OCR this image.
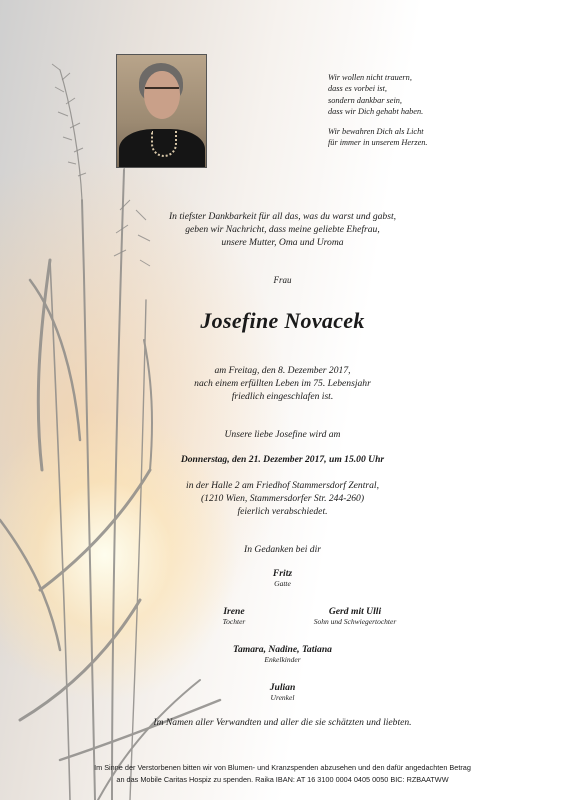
Wir wollen nicht trauern,
dass es vorbei ist,
sondern dankbar sein,
dass wir Dich gehabt haben.
Wir bewahren Dich als Licht
für immer in unserem Herzen.
In tiefster Dankbarkeit für all das, was du warst und gabst,
geben wir Nachricht, dass meine geliebte Ehefrau,
unsere Mutter, Oma und Uroma
Frau
Josefine Novacek
am Freitag, den 8. Dezember 2017,
nach einem erfüllten Leben im 75. Lebensjahr
friedlich eingeschlafen ist.
Unsere liebe Josefine wird am
Donnerstag, den 21. Dezember 2017, um 15.00 Uhr
in der Halle 2 am Friedhof Stammersdorf Zentral,
(1210 Wien, Stammersdorfer Str. 244-260)
feierlich verabschiedet.
In Gedanken bei dir
Fritz
Gatte
Irene
Tochter
Gerd mit Ulli
Sohn und Schwiegertochter
Tamara, Nadine, Tatiana
Enkelkinder
Julian
Urenkel
Im Namen aller Verwandten und aller die sie schätzten und liebten.
Im Sinne der Verstorbenen bitten wir von Blumen- und Kranzspenden abzusehen und den dafür angedachten Betrag
an das Mobile Caritas Hospiz zu spenden. Raika IBAN: AT 16 3100 0004 0405 0050 BIC: RZBAATWW
